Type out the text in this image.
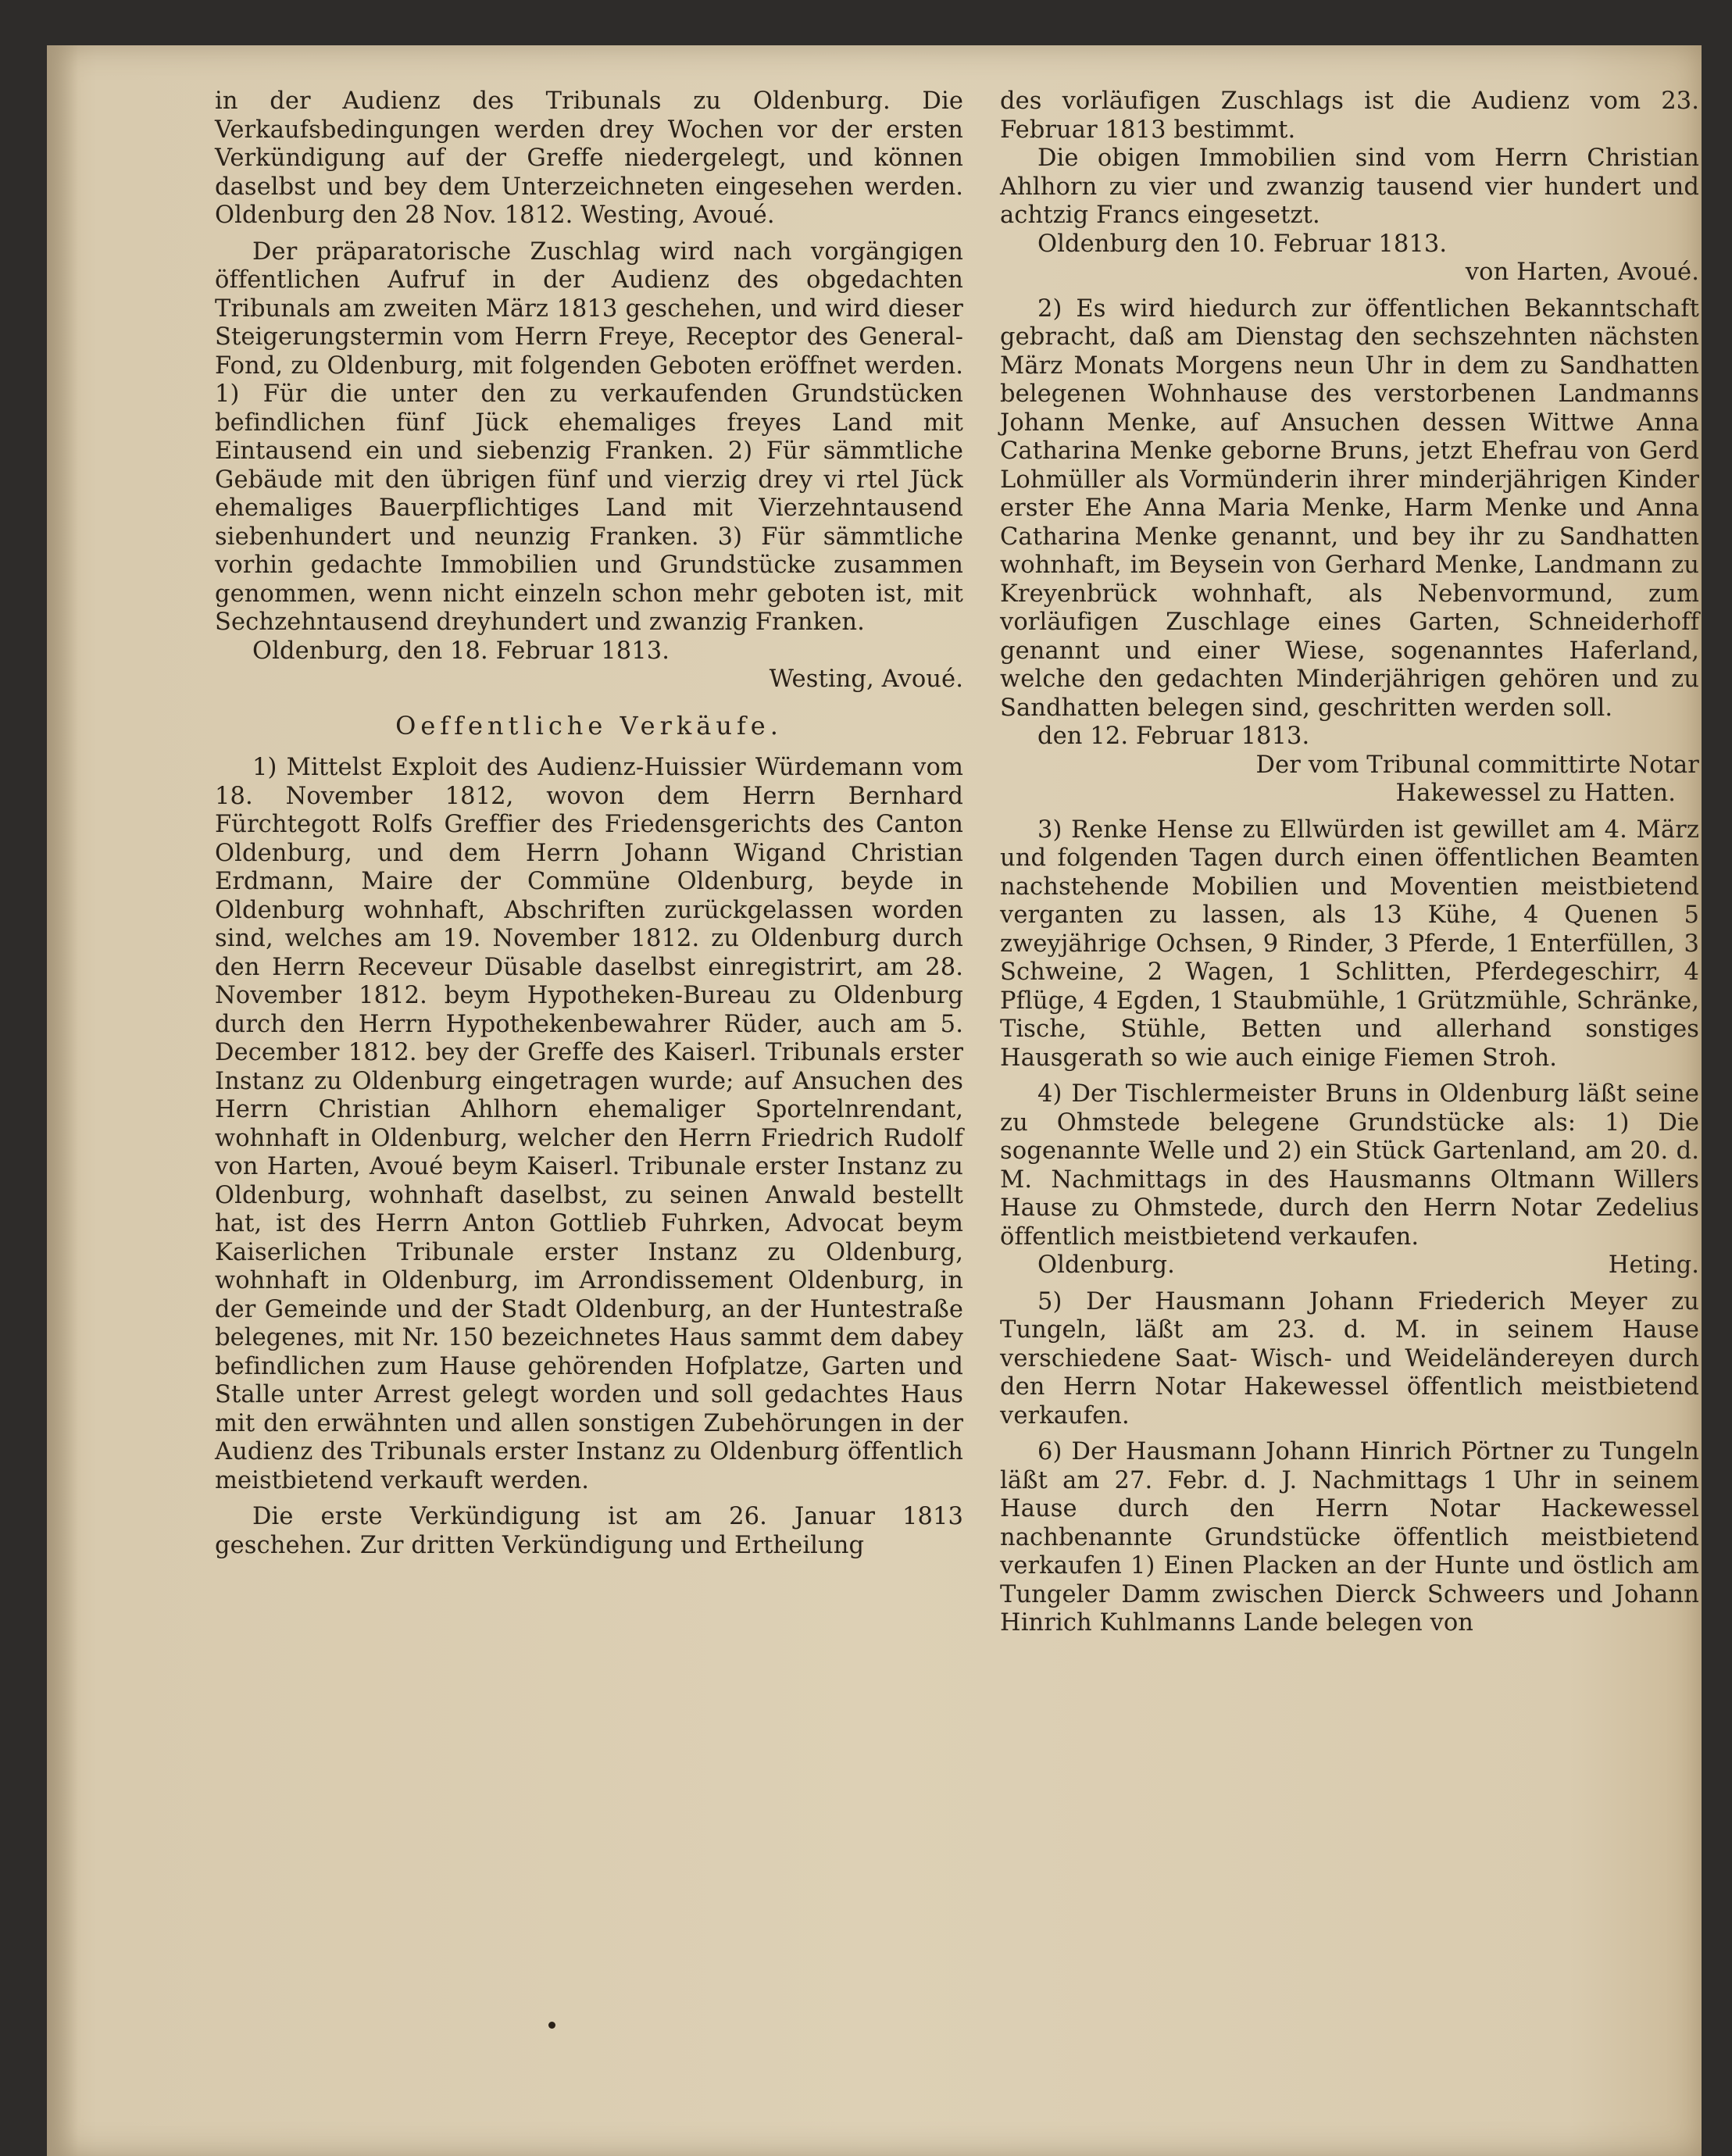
in der Audienz des Tribunals zu Oldenburg. Die Verkaufsbedingungen werden drey Wochen vor der ersten Verkündigung auf der Greffe niedergelegt, und können daselbst und bey dem Unterzeichneten eingesehen werden. Oldenburg den 28 Nov. 1812. Westing, Avoué.

Der präparatorische Zuschlag wird nach vorgängigen öffentlichen Aufruf in der Audienz des obgedachten Tribunals am zweiten März 1813 geschehen, und wird dieser Steigerungstermin vom Herrn Freye, Receptor des General-Fond, zu Oldenburg, mit folgenden Geboten eröffnet werden. 1) Für die unter den zu verkaufenden Grundstücken befindlichen fünf Jück ehemaliges freyes Land mit Eintausend ein und siebenzig Franken. 2) Für sämmtliche Gebäude mit den übrigen fünf und vierzig drey vi rtel Jück ehemaliges Bauerpflichtiges Land mit Vierzehntausend siebenhundert und neunzig Franken. 3) Für sämmtliche vorhin gedachte Immobilien und Grundstücke zusammen genommen, wenn nicht einzeln schon mehr geboten ist, mit Sechzehntausend dreyhundert und zwanzig Franken.

Oldenburg, den 18. Februar 1813.

Westing, Avoué.

Oeffentliche Verkäufe.

1) Mittelst Exploit des Audienz-Huissier Würdemann vom 18. November 1812, wovon dem Herrn Bernhard Fürchtegott Rolfs Greffier des Friedensgerichts des Canton Oldenburg, und dem Herrn Johann Wigand Christian Erdmann, Maire der Commüne Oldenburg, beyde in Oldenburg wohnhaft, Abschriften zurückgelassen worden sind, welches am 19. November 1812. zu Oldenburg durch den Herrn Receveur Düsable daselbst einregistrirt, am 28. November 1812. beym Hypotheken-Bureau zu Oldenburg durch den Herrn Hypothekenbewahrer Rüder, auch am 5. December 1812. bey der Greffe des Kaiserl. Tribunals erster Instanz zu Oldenburg eingetragen wurde; auf Ansuchen des Herrn Christian Ahlhorn ehemaliger Sportelnrendant, wohnhaft in Oldenburg, welcher den Herrn Friedrich Rudolf von Harten, Avoué beym Kaiserl. Tribunale erster Instanz zu Oldenburg, wohnhaft daselbst, zu seinen Anwald bestellt hat, ist des Herrn Anton Gottlieb Fuhrken, Advocat beym Kaiserlichen Tribunale erster Instanz zu Oldenburg, wohnhaft in Oldenburg, im Arrondissement Oldenburg, in der Gemeinde und der Stadt Oldenburg, an der Huntestraße belegenes, mit Nr. 150 bezeichnetes Haus sammt dem dabey befindlichen zum Hause gehörenden Hofplatze, Garten und Stalle unter Arrest gelegt worden und soll gedachtes Haus mit den erwähnten und allen sonstigen Zubehörungen in der Audienz des Tribunals erster Instanz zu Oldenburg öffentlich meistbietend verkauft werden.

Die erste Verkündigung ist am 26. Januar 1813 geschehen. Zur dritten Verkündigung und Ertheilung

des vorläufigen Zuschlags ist die Audienz vom 23. Februar 1813 bestimmt.

Die obigen Immobilien sind vom Herrn Christian Ahlhorn zu vier und zwanzig tausend vier hundert und achtzig Francs eingesetzt.

Oldenburg den 10. Februar 1813.

von Harten, Avoué.

2) Es wird hiedurch zur öffentlichen Bekanntschaft gebracht, daß am Dienstag den sechszehnten nächsten März Monats Morgens neun Uhr in dem zu Sandhatten belegenen Wohnhause des verstorbenen Landmanns Johann Menke, auf Ansuchen dessen Wittwe Anna Catharina Menke geborne Bruns, jetzt Ehefrau von Gerd Lohmüller als Vormünderin ihrer minderjährigen Kinder erster Ehe Anna Maria Menke, Harm Menke und Anna Catharina Menke genannt, und bey ihr zu Sandhatten wohnhaft, im Beysein von Gerhard Menke, Landmann zu Kreyenbrück wohnhaft, als Nebenvormund, zum vorläufigen Zuschlage eines Garten, Schneiderhoff genannt und einer Wiese, sogenanntes Haferland, welche den gedachten Minderjährigen gehören und zu Sandhatten belegen sind, geschritten werden soll.

den 12. Februar 1813.

Der vom Tribunal committirte Notar

Hakewessel zu Hatten.

3) Renke Hense zu Ellwürden ist gewillet am 4. März und folgenden Tagen durch einen öffentlichen Beamten nachstehende Mobilien und Moventien meistbietend verganten zu lassen, als 13 Kühe, 4 Quenen 5 zweyjährige Ochsen, 9 Rinder, 3 Pferde, 1 Enterfüllen, 3 Schweine, 2 Wagen, 1 Schlitten, Pferdegeschirr, 4 Pflüge, 4 Egden, 1 Staubmühle, 1 Grützmühle, Schränke, Tische, Stühle, Betten und allerhand sonstiges Hausgerath so wie auch einige Fiemen Stroh.

4) Der Tischlermeister Bruns in Oldenburg läßt seine zu Ohmstede belegene Grundstücke als: 1) Die sogenannte Welle und 2) ein Stück Gartenland, am 20. d. M. Nachmittags in des Hausmanns Oltmann Willers Hause zu Ohmstede, durch den Herrn Notar Zedelius öffentlich meistbietend verkaufen.

Oldenburg.	Heting.

5) Der Hausmann Johann Friederich Meyer zu Tungeln, läßt am 23. d. M. in seinem Hause verschiedene Saat- Wisch- und Weideländereyen durch den Herrn Notar Hakewessel öffentlich meistbietend verkaufen.

6) Der Hausmann Johann Hinrich Pörtner zu Tungeln läßt am 27. Febr. d. J. Nachmittags 1 Uhr in seinem Hause durch den Herrn Notar Hackewessel nachbenannte Grundstücke öffentlich meistbietend verkaufen 1) Einen Placken an der Hunte und östlich am Tungeler Damm zwischen Dierck Schweers und Johann Hinrich Kuhlmanns Lande belegen von
